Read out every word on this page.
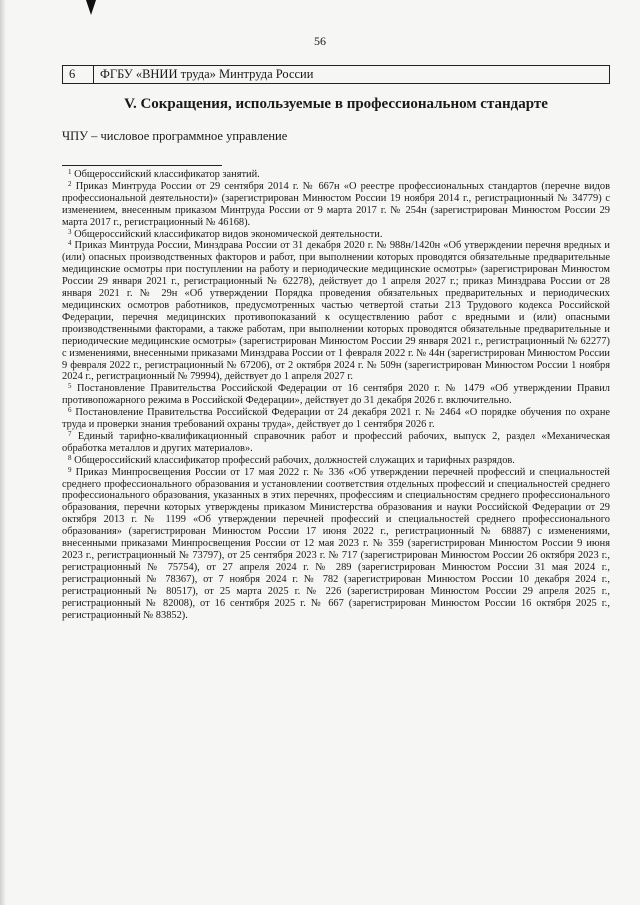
56
6	ФГБУ «ВНИИ труда» Минтруда России
V. Сокращения, используемые в профессиональном стандарте
ЧПУ – числовое программное управление

$^1$ Общероссийский классификатор занятий.

$^2$ Приказ Минтруда России от 29 сентября 2014 г. № 667н «О реестре профессиональных стандартов (перечне видов профессиональной деятельности)» (зарегистрирован Минюстом России 19 ноября 2014 г., регистрационный № 34779) с изменением, внесенным приказом Минтруда России от 9 марта 2017 г. № 254н (зарегистрирован Минюстом России 29 марта 2017 г., регистрационный № 46168).

$^3$ Общероссийский классификатор видов экономической деятельности.

$^4$ Приказ Минтруда России, Минздрава России от 31 декабря 2020 г. № 988н/1420н «Об утверждении перечня вредных и (или) опасных производственных факторов и работ, при выполнении которых проводятся обязательные предварительные медицинские осмотры при поступлении на работу и периодические медицинские осмотры» (зарегистрирован Минюстом России 29 января 2021 г., регистрационный № 62278), действует до 1 апреля 2027 г.; приказ Минздрава России от 28 января 2021 г. № 29н «Об утверждении Порядка проведения обязательных предварительных и периодических медицинских осмотров работников, предусмотренных частью четвертой статьи 213 Трудового кодекса Российской Федерации, перечня медицинских противопоказаний к осуществлению работ с вредными и (или) опасными производственными факторами, а также работам, при выполнении которых проводятся обязательные предварительные и периодические медицинские осмотры» (зарегистрирован Минюстом России 29 января 2021 г., регистрационный № 62277) с изменениями, внесенными приказами Минздрава России от 1 февраля 2022 г. № 44н (зарегистрирован Минюстом России 9 февраля 2022 г., регистрационный № 67206), от 2 октября 2024 г. № 509н (зарегистрирован Минюстом России 1 ноября 2024 г., регистрационный № 79994), действует до 1 апреля 2027 г.

$^5$ Постановление Правительства Российской Федерации от 16 сентября 2020 г. № 1479 «Об утверждении Правил противопожарного режима в Российской Федерации», действует до 31 декабря 2026 г. включительно.

$^6$ Постановление Правительства Российской Федерации от 24 декабря 2021 г. № 2464 «О порядке обучения по охране труда и проверки знания требований охраны труда», действует до 1 сентября 2026 г.

$^7$ Единый тарифно-квалификационный справочник работ и профессий рабочих, выпуск 2, раздел «Механическая обработка металлов и других материалов».

$^8$ Общероссийский классификатор профессий рабочих, должностей служащих и тарифных разрядов.

$^9$ Приказ Минпросвещения России от 17 мая 2022 г. № 336 «Об утверждении перечней профессий и специальностей среднего профессионального образования и установлении соответствия отдельных профессий и специальностей среднего профессионального образования, указанных в этих перечнях, профессиям и специальностям среднего профессионального образования, перечни которых утверждены приказом Министерства образования и науки Российской Федерации от 29 октября 2013 г. № 1199 «Об утверждении перечней профессий и специальностей среднего профессионального образования» (зарегистрирован Минюстом России 17 июня 2022 г., регистрационный № 68887) с изменениями, внесенными приказами Минпросвещения России от 12 мая 2023 г. № 359 (зарегистрирован Минюстом России 9 июня 2023 г., регистрационный № 73797), от 25 сентября 2023 г. № 717 (зарегистрирован Минюстом России 26 октября 2023 г., регистрационный № 75754), от 27 апреля 2024 г. № 289 (зарегистрирован Минюстом России 31 мая 2024 г., регистрационный № 78367), от 7 ноября 2024 г. № 782 (зарегистрирован Минюстом России 10 декабря 2024 г., регистрационный № 80517), от 25 марта 2025 г. № 226 (зарегистрирован Минюстом России 29 апреля 2025 г., регистрационный № 82008), от 16 сентября 2025 г. № 667 (зарегистрирован Минюстом России 16 октября 2025 г., регистрационный № 83852).
